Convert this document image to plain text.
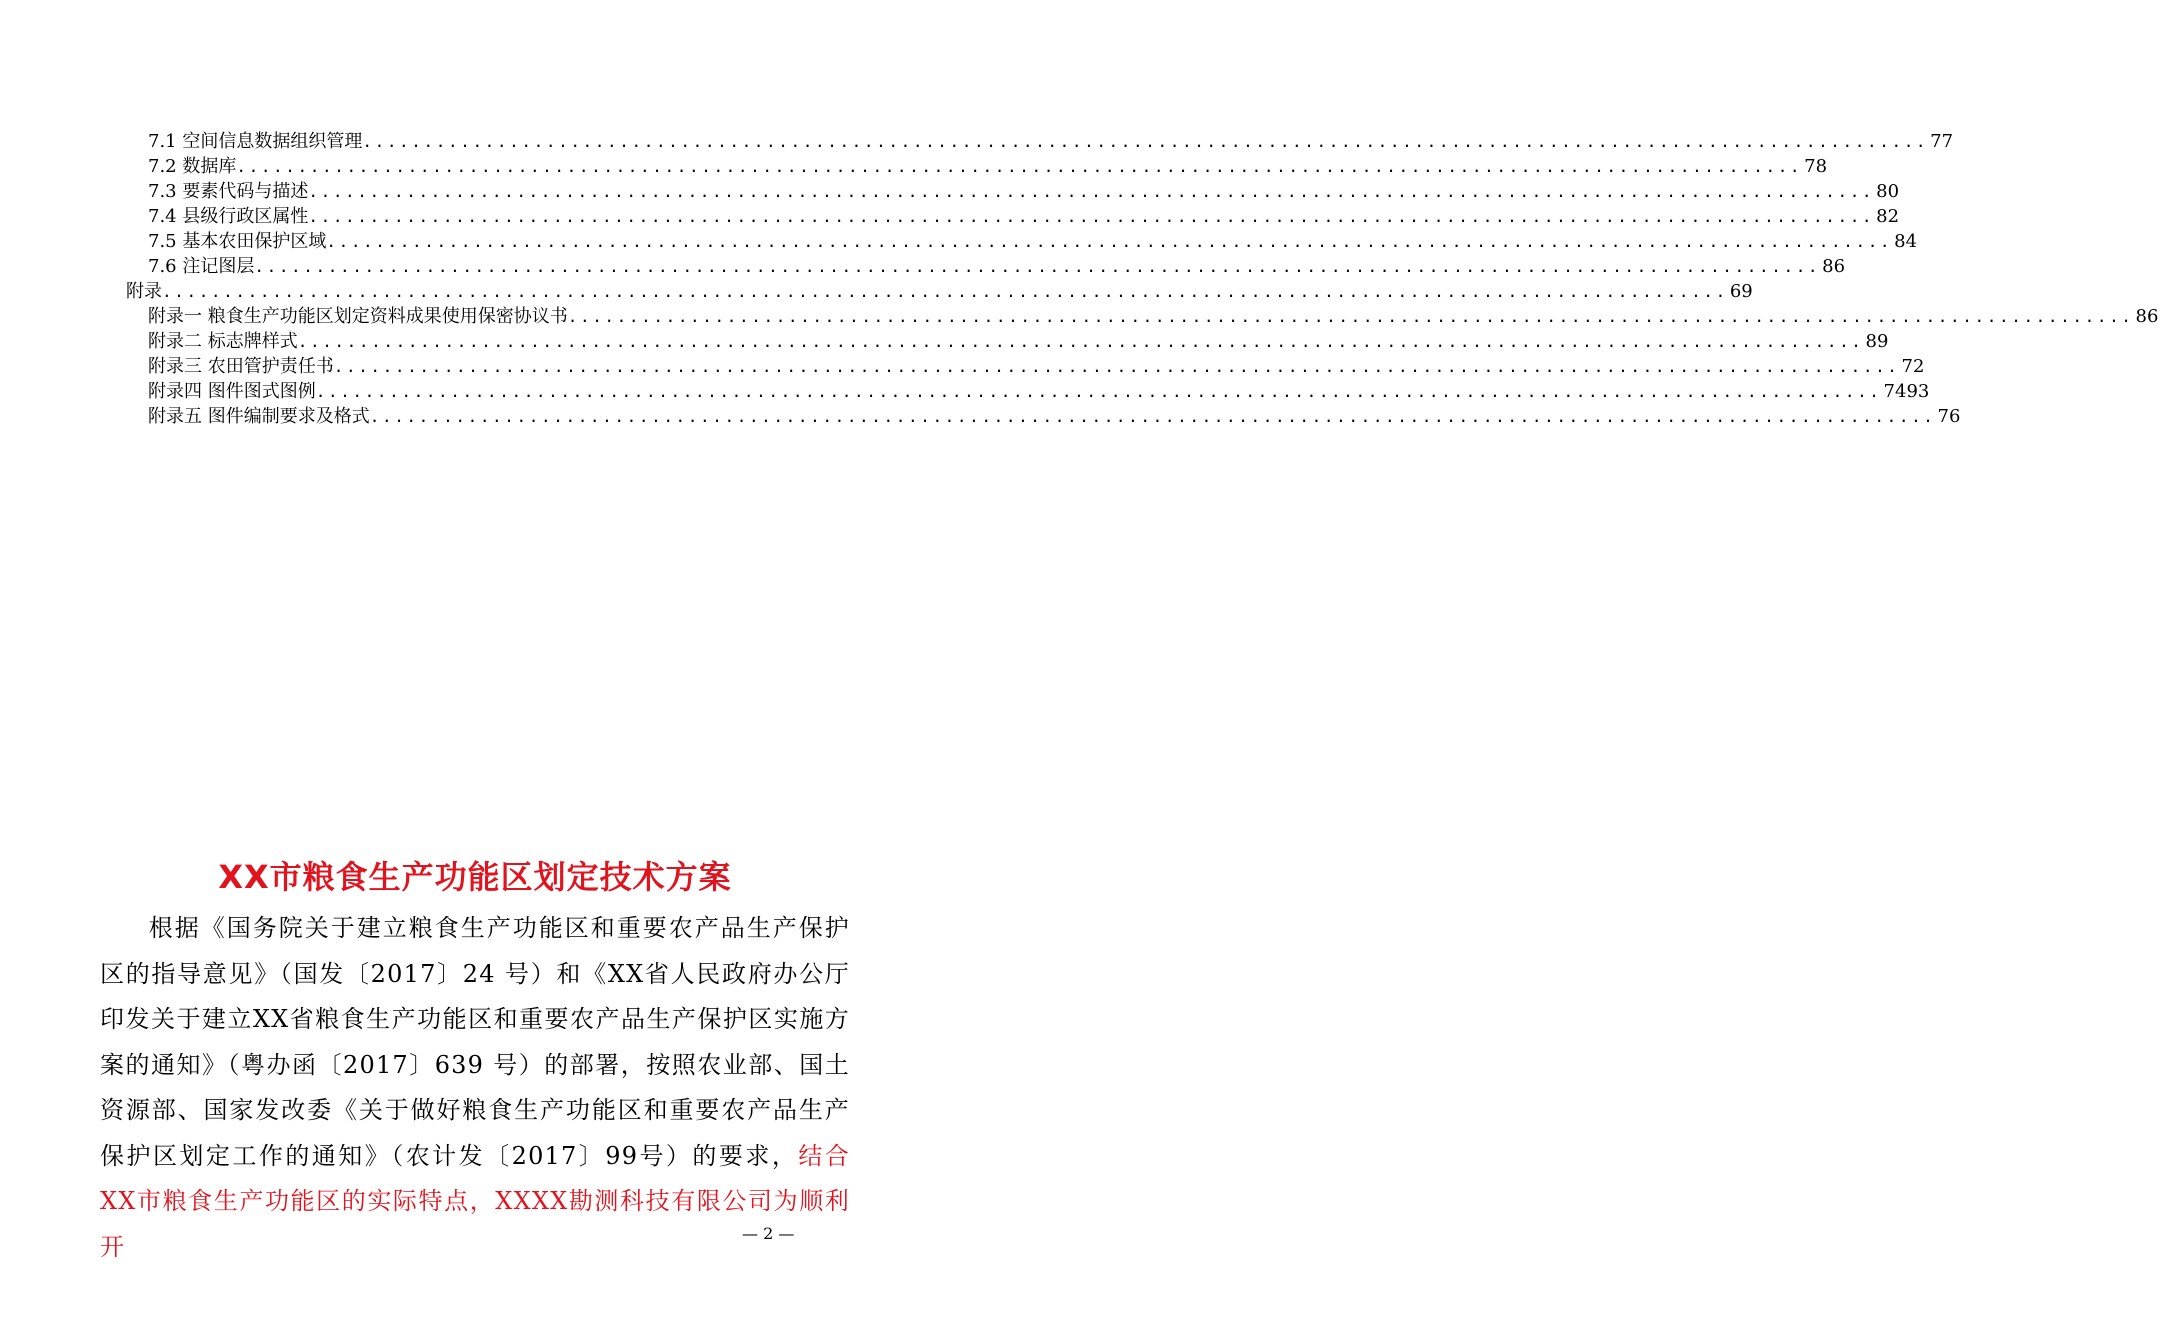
7.1 空间信息数据组织管理 ................................................................................................................................ 77
7.2 数据库 ................................................................................................................................ 78
7.3 要素代码与描述 ................................................................................................................................ 80
7.4 县级行政区属性 ................................................................................................................................ 82
7.5 基本农田保护区域 ................................................................................................................................ 84
7.6 注记图层 ................................................................................................................................ 86
附录 ................................................................................................................................ 69
附录一 粮食生产功能区划定资料成果使用保密协议书 ................................................................................................................................ 86
附录二 标志牌样式 ................................................................................................................................ 89
附录三 农田管护责任书 ................................................................................................................................ 72
附录四 图件图式图例 ................................................................................................................................ 7493
附录五 图件编制要求及格式 ................................................................................................................................ 76
XX市粮食生产功能区划定技术方案
根据《国务院关于建立粮食生产功能区和重要农产品生产保护区的指导意见》（国发〔2017〕24 号）和《XX省人民政府办公厅印发关于建立XX省粮食生产功能区和重要农产品生产保护区实施方案的通知》（粤办函〔2017〕639 号）的部署，按照农业部、国土资源部、国家发改委《关于做好粮食生产功能区和重要农产品生产保护区划定工作的通知》（农计发〔2017〕99号）的要求，结合XX市粮食生产功能区的实际特点，XXXX勘测科技有限公司为顺利开	— 2 —
